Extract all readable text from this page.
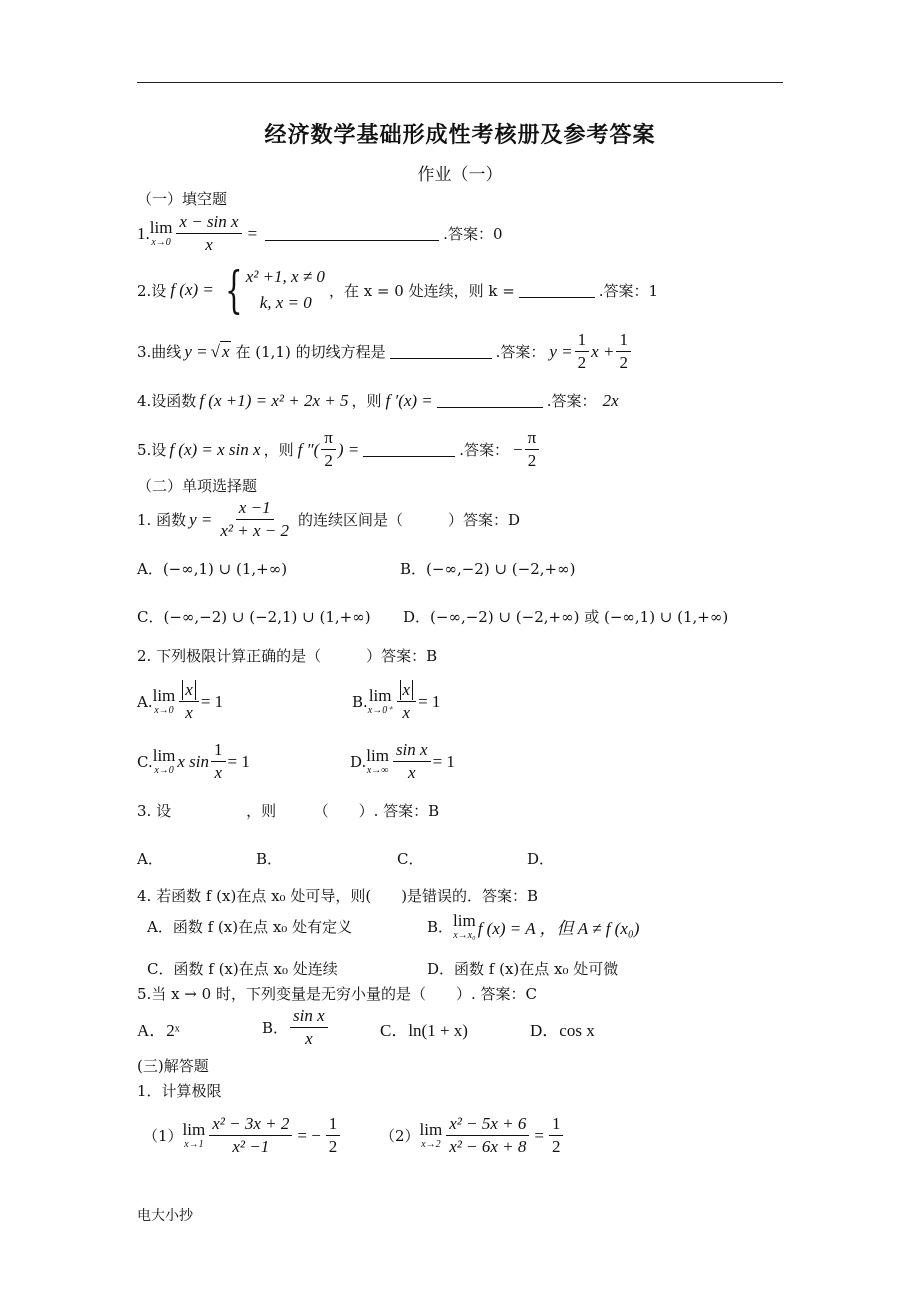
经济数学基础形成性考核册及参考答案
作业（一）
（一）填空题
1. lim
$x\to 0 \frac{\text{x − sin x}}{x}$ =	.答案：0
2.设 f (x) = { x² +1, x ≠ 0
k, x = 0
，在 x = 0 处连续，则 k =	.答案：1
3.曲线 y = √ x 在 (1,1) 的切线方程是	.答案： $y = \frac{1}{2}$ $x + \frac{1}{2}$
4.设函数 f (x +1) = x² + 2x + 5 ，则 f ′(x) =	.答案： 2x
5.设 f (x) = x sin x ，则 f ″( $\frac{\pi}{2}$ ) =	.答案： − $\frac{\pi}{2}$
（二）单项选择题
1. 函数 $y = \frac{x -1}{\text{x² + x − 2}}$ 的连续区间是（　　　）答案：D
A．(−∞,1) ∪ (1,+∞)	B．(−∞,−2) ∪ (−2,+∞)
C．(−∞,−2) ∪ (−2,1) ∪ (1,+∞) D．(−∞,−2) ∪ (−2,+∞) 或 (−∞,1) ∪ (1,+∞)
2. 下列极限计算正确的是（　　　）答案：B
A. lim
$x\to 0 \frac{x}{x} = 1$	B. lim
$x\to 0^+ \frac{x}{x} = 1$
C. lim
x→0 x $\sin \frac{1}{x} = 1$	D. lim
$x\to\infty \frac{\text{sin x}}{x} = 1$
3. 设　　　　　，则　　　（　　）. 答案：B
A．	B．	C．	D．
4. 若函数 f (x)在点 x₀ 处可导，则(　　)是错误的．答案：B
A．函数 f (x)在点 x₀ 处有定义	B． lim
x→x₀ f (x) = A ，但 A ≠ f (x₀)
C．函数 f (x)在点 x₀ 处连续	D．函数 f (x)在点 x₀ 处可微
5.当 x → 0 时，下列变量是无穷小量的是（　　）. 答案：C
A．2ˣ	B． $\frac{\text{sin x}}{x}$	C．ln(1 + x)	D．cos x
(三)解答题
1．计算极限
（1） lim
$x\to 1 \frac{\text{x² − 3x + 2}}{\text{x² −1}}$ = − $\frac{1}{2}$	（2） lim
$x\to 2 \frac{\text{x² − 5x + 6}}{\text{x² − 6x + 8}} = \frac{1}{2}$
电大小抄
